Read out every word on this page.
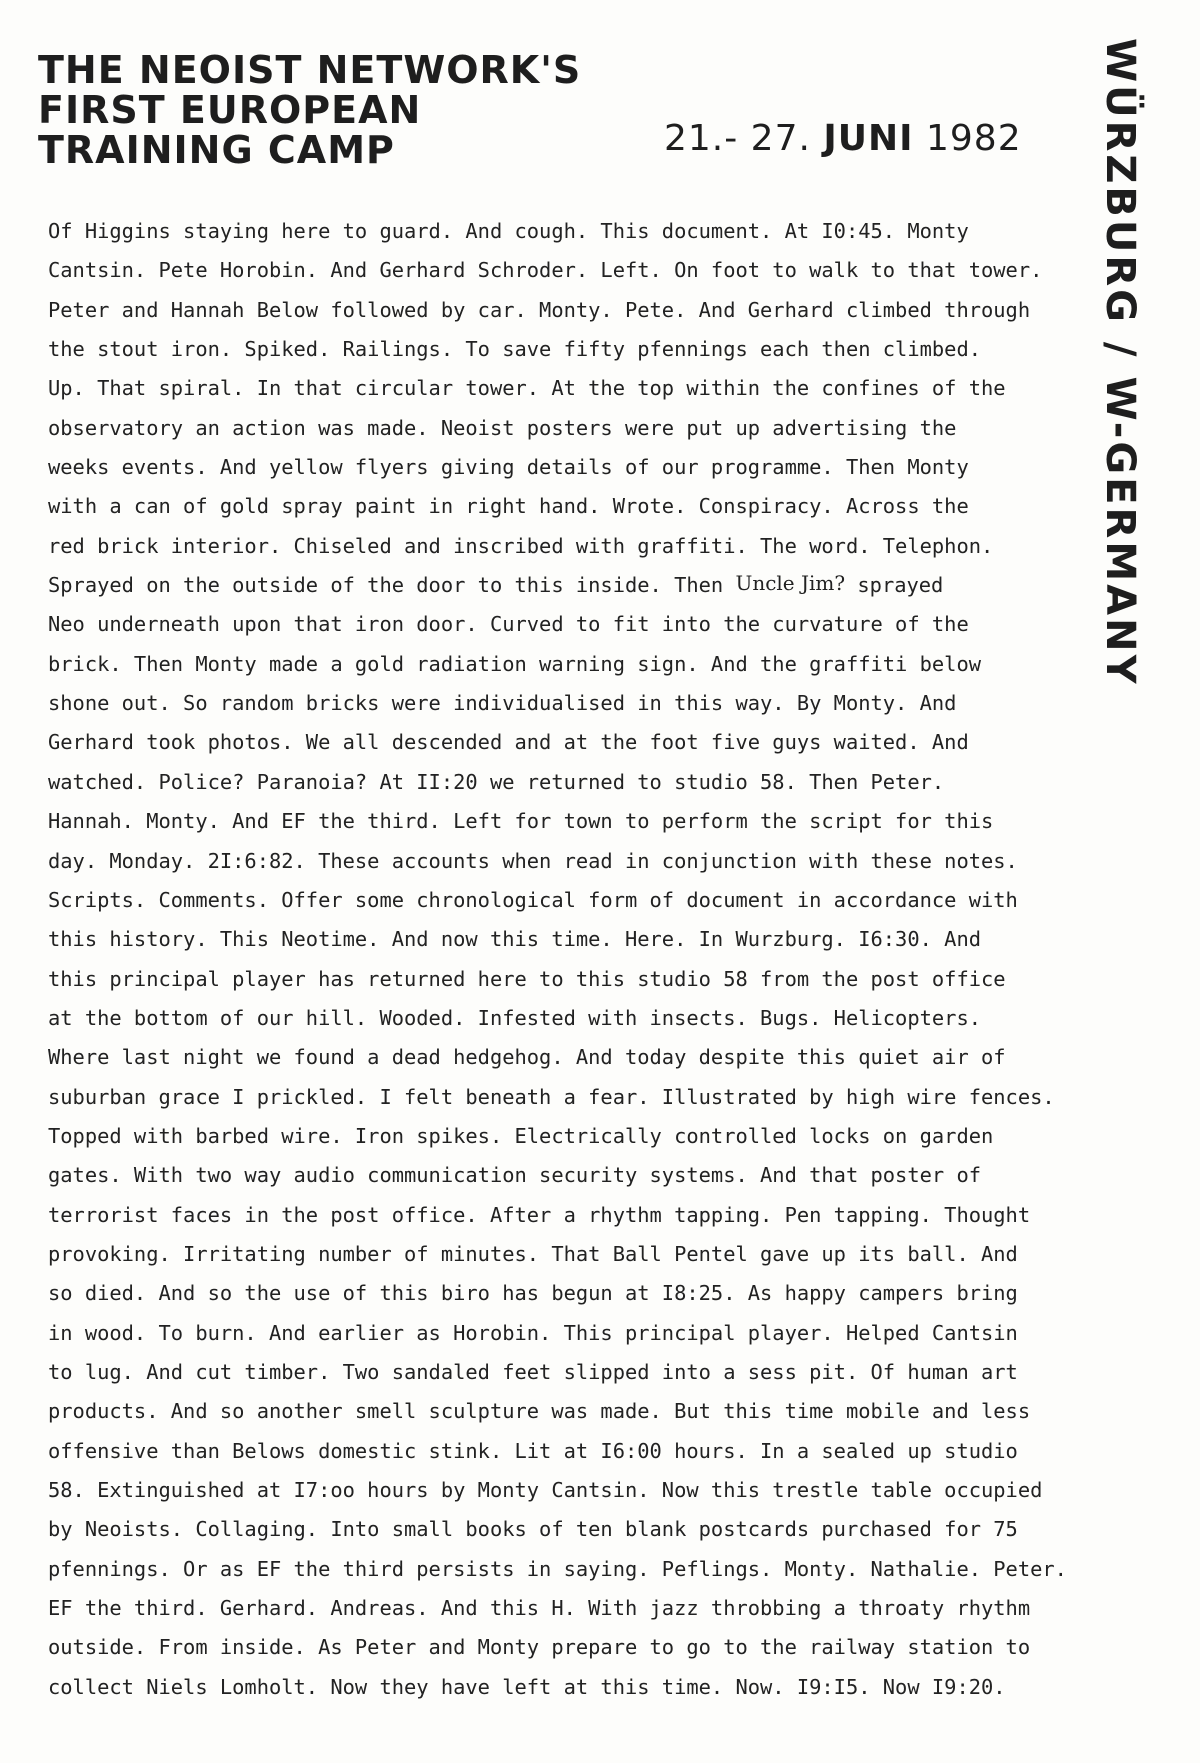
THE NEOIST NETWORK'S
FIRST EUROPEAN
TRAINING CAMP	21.- 27. JUNI 1982 WÜRZBURG / W-GERMANY
Of Higgins staying here to guard. And cough. This document. At I0:45. Monty
Cantsin. Pete Horobin. And Gerhard Schroder. Left. On foot to walk to that tower.
Peter and Hannah Below followed by car. Monty. Pete. And Gerhard climbed through
the stout iron. Spiked. Railings. To save fifty pfennings each then climbed.
Up. That spiral. In that circular tower. At the top within the confines of the
observatory an action was made. Neoist posters were put up advertising the
weeks events. And yellow flyers giving details of our programme. Then Monty
with a can of gold spray paint in right hand. Wrote. Conspiracy. Across the
red brick interior. Chiseled and inscribed with graffiti. The word. Telephon.
Sprayed on the outside of the door to this inside. Then Uncle Jim? sprayed
Neo underneath upon that iron door. Curved to fit into the curvature of the
brick. Then Monty made a gold radiation warning sign. And the graffiti below
shone out. So random bricks were individualised in this way. By Monty. And
Gerhard took photos. We all descended and at the foot five guys waited. And
watched. Police? Paranoia? At II:20 we returned to studio 58. Then Peter.
Hannah. Monty. And EF the third. Left for town to perform the script for this
day. Monday. 2I:6:82. These accounts when read in conjunction with these notes.
Scripts. Comments. Offer some chronological form of document in accordance with
this history. This Neotime. And now this time. Here. In Wurzburg. I6:30. And
this principal player has returned here to this studio 58 from the post office
at the bottom of our hill. Wooded. Infested with insects. Bugs. Helicopters.
Where last night we found a dead hedgehog. And today despite this quiet air of
suburban grace I prickled. I felt beneath a fear. Illustrated by high wire fences.
Topped with barbed wire. Iron spikes. Electrically controlled locks on garden
gates. With two way audio communication security systems. And that poster of
terrorist faces in the post office. After a rhythm tapping. Pen tapping. Thought
provoking. Irritating number of minutes. That Ball Pentel gave up its ball. And
so died. And so the use of this biro has begun at I8:25. As happy campers bring
in wood. To burn. And earlier as Horobin. This principal player. Helped Cantsin
to lug. And cut timber. Two sandaled feet slipped into a sess pit. Of human art
products. And so another smell sculpture was made. But this time mobile and less
offensive than Belows domestic stink. Lit at I6:00 hours. In a sealed up studio
58. Extinguished at I7:oo hours by Monty Cantsin. Now this trestle table occupied
by Neoists. Collaging. Into small books of ten blank postcards purchased for 75
pfennings. Or as EF the third persists in saying. Peflings. Monty. Nathalie. Peter.
EF the third. Gerhard. Andreas. And this H. With jazz throbbing a throaty rhythm
outside. From inside. As Peter and Monty prepare to go to the railway station to
collect Niels Lomholt. Now they have left at this time. Now. I9:I5. Now I9:20.
